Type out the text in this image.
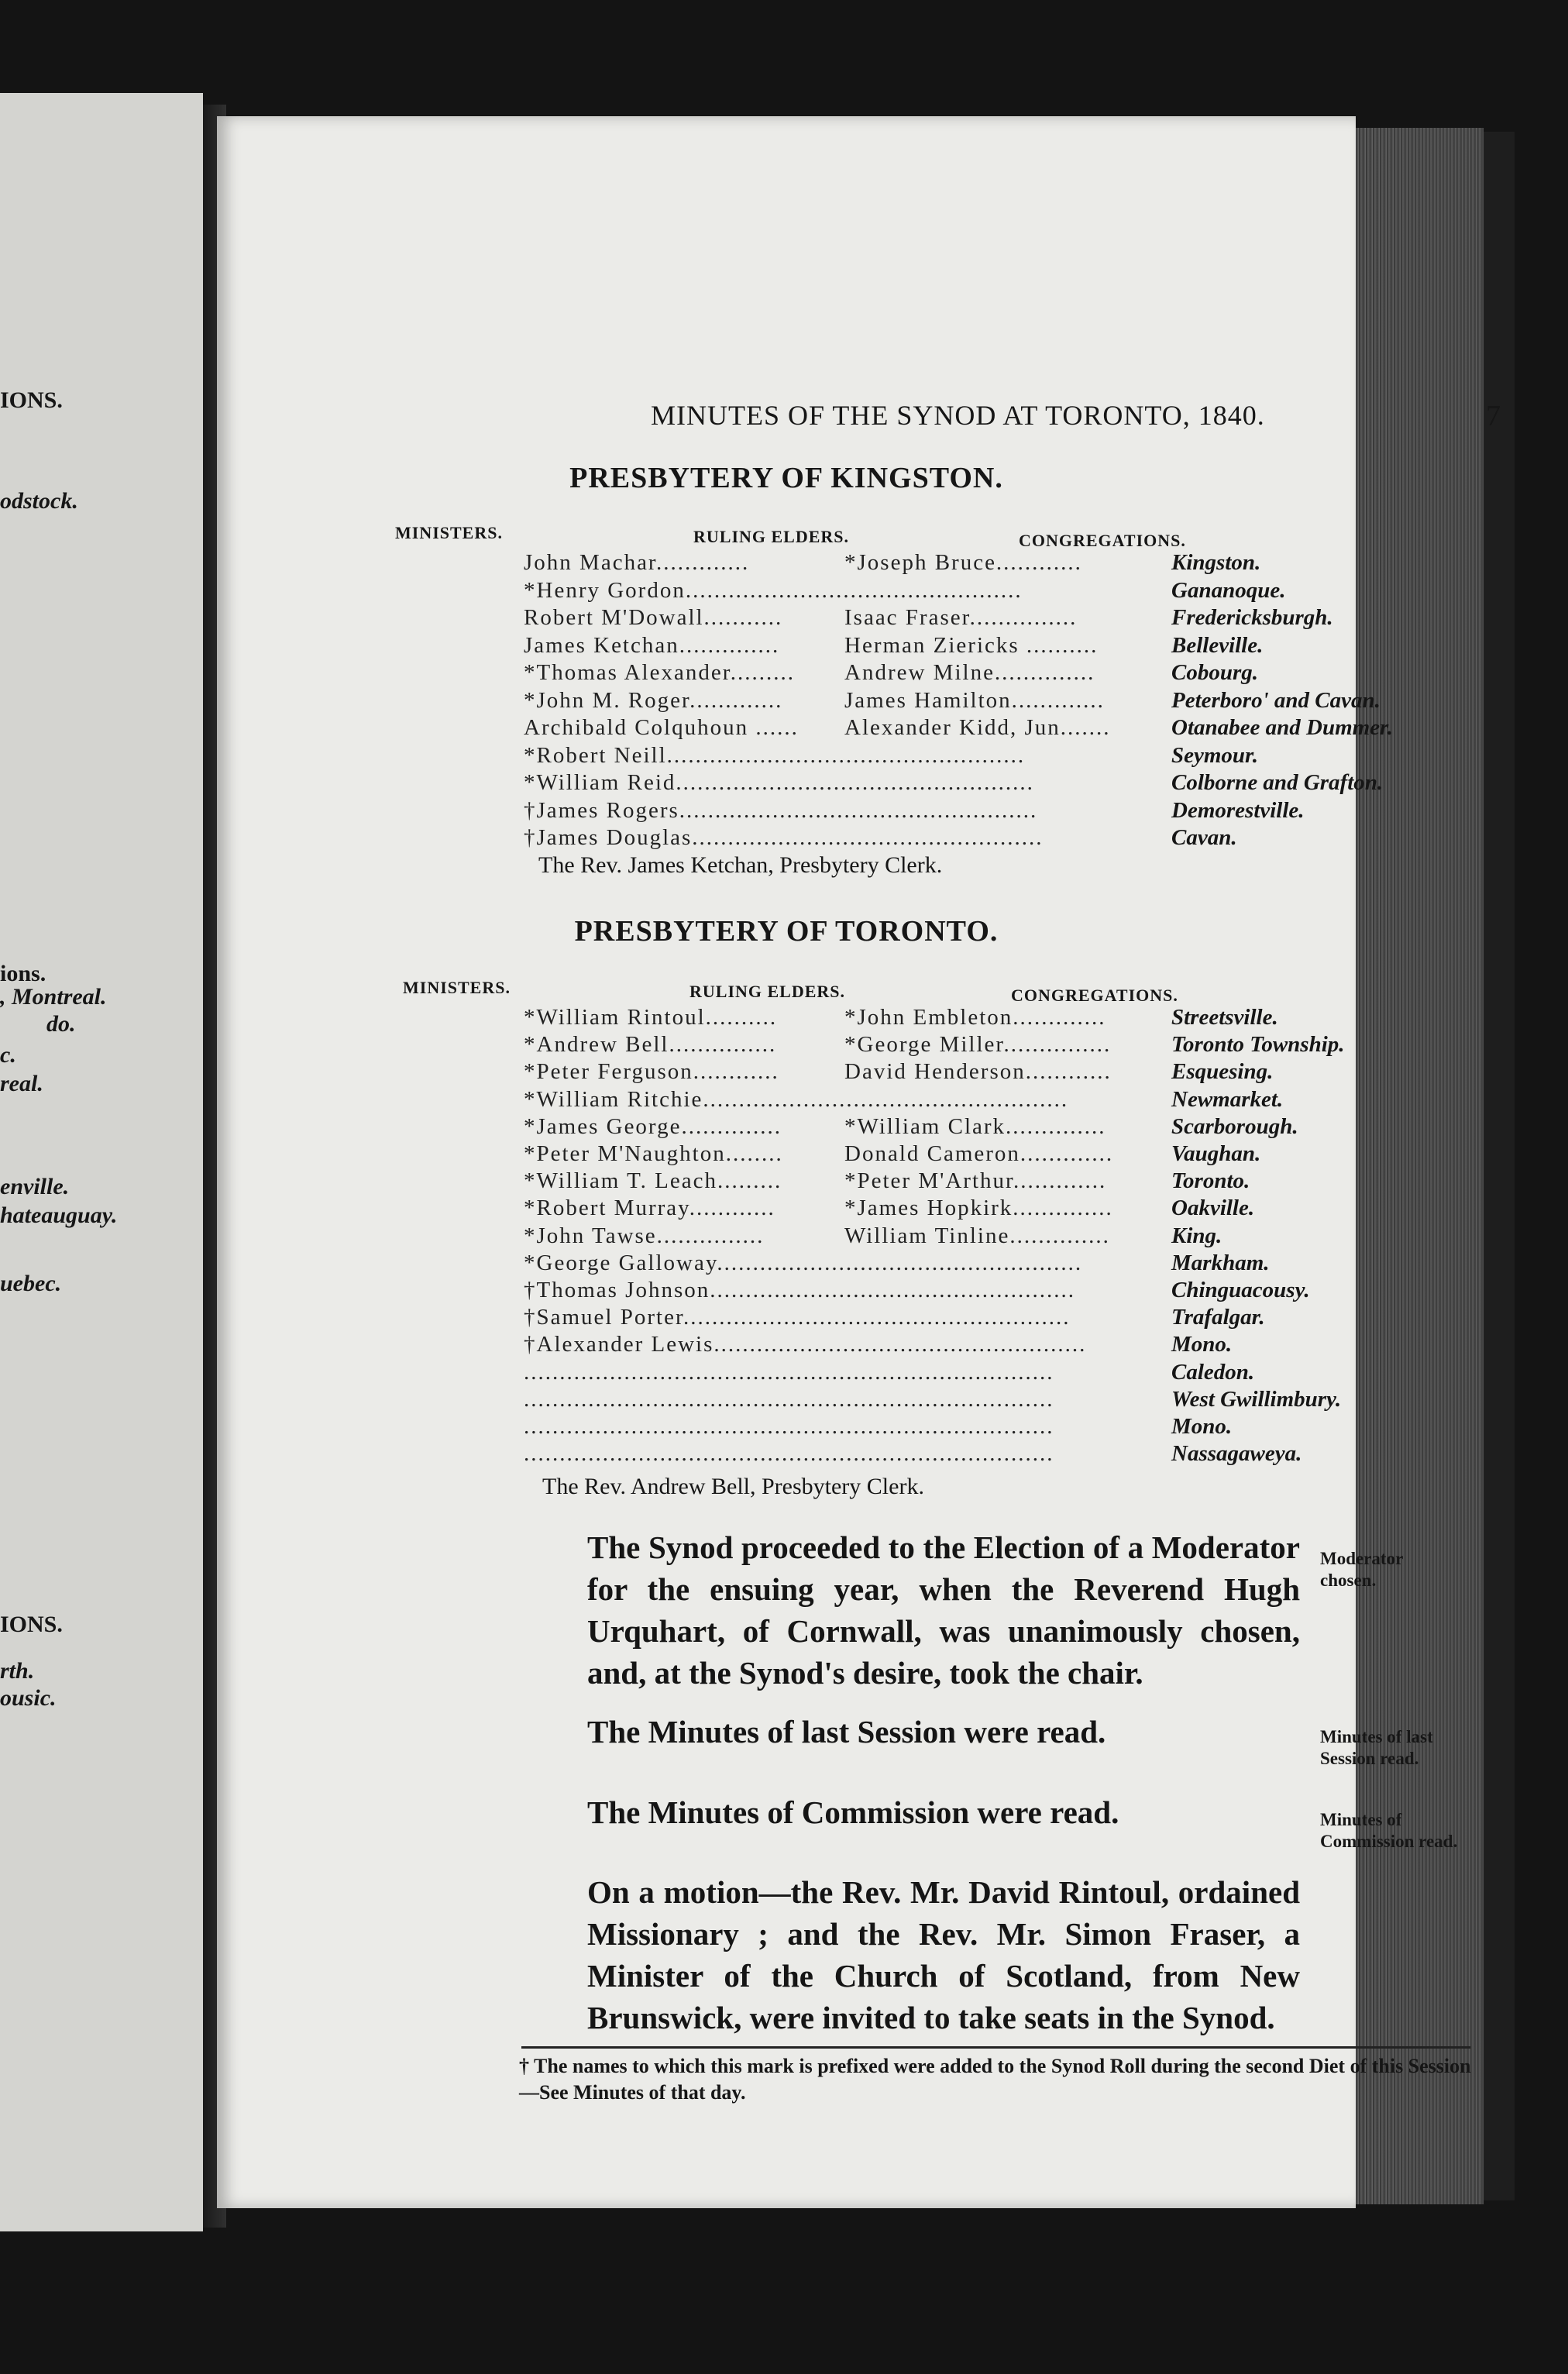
IONS.
odstock.
ions.
, Montreal.
do.
c.
real.
enville.
hateauguay.
uebec.
IONS.
rth.
ousic.
MINUTES OF THE SYNOD AT TORONTO, 1840.	7
PRESBYTERY OF KINGSTON.
MINISTERS.	RULING ELDERS.	CONGREGATIONS.
John Machar.............	*Joseph Bruce............	Kingston.
*Henry Gordon...............................................	Gananoque.
Robert M'Dowall...........	Isaac Fraser...............	Fredericksburgh.
James Ketchan..............	Herman Ziericks ..........	Belleville.
*Thomas Alexander......... Andrew Milne..............	Cobourg.
*John M. Roger.............	James Hamilton.............	Peterboro' and Cavan.
Archibald Colquhoun ...... Alexander Kidd, Jun.......	Otanabee and Dummer.
*Robert Neill..................................................	Seymour.
*William Reid..................................................	Colborne and Grafton.
†James Rogers..................................................	Demorestville.
†James Douglas.................................................	Cavan.
The Rev. James Ketchan, Presbytery Clerk.
PRESBYTERY OF TORONTO.
MINISTERS.	RULING ELDERS.	CONGREGATIONS.
*William Rintoul..........	*John Embleton.............	Streetsville.
*Andrew Bell...............	*George Miller...............	Toronto Township.
*Peter Ferguson............	David Henderson............	Esquesing.
*William Ritchie...................................................	Newmarket.
*James George..............	*William Clark..............	Scarborough.
*Peter M'Naughton........	Donald Cameron.............	Vaughan.
*William T. Leach.........	*Peter M'Arthur.............	Toronto.
*Robert Murray............	*James Hopkirk..............	Oakville.
*John Tawse...............	William Tinline..............	King.
*George Galloway...................................................	Markham.
†Thomas Johnson...................................................	Chinguacousy.
†Samuel Porter......................................................	Trafalgar.
†Alexander Lewis....................................................	Mono.
..........................................................................	Caledon.
..........................................................................	West Gwillimbury.
..........................................................................	Mono.
..........................................................................	Nassagaweya.
The Rev. Andrew Bell, Presbytery Clerk.
The Synod proceeded to the Election of a Moderator for the ensuing year, when the Reverend Hugh Urquhart, of Cornwall, was unanimously chosen, and, at the Synod's desire, took the chair.
Moderator chosen.
The Minutes of last Session were read.	Minutes of last Session read.
The Minutes of Commission were read.	Minutes of Commission read.
On a motion—the Rev. Mr. David Rintoul, ordained Missionary ; and the Rev. Mr. Simon Fraser, a Minister of the Church of Scotland, from New Brunswick, were invited to take seats in the Synod.
† The names to which this mark is prefixed were added to the Synod Roll during the second Diet of this Session—See Minutes of that day.
